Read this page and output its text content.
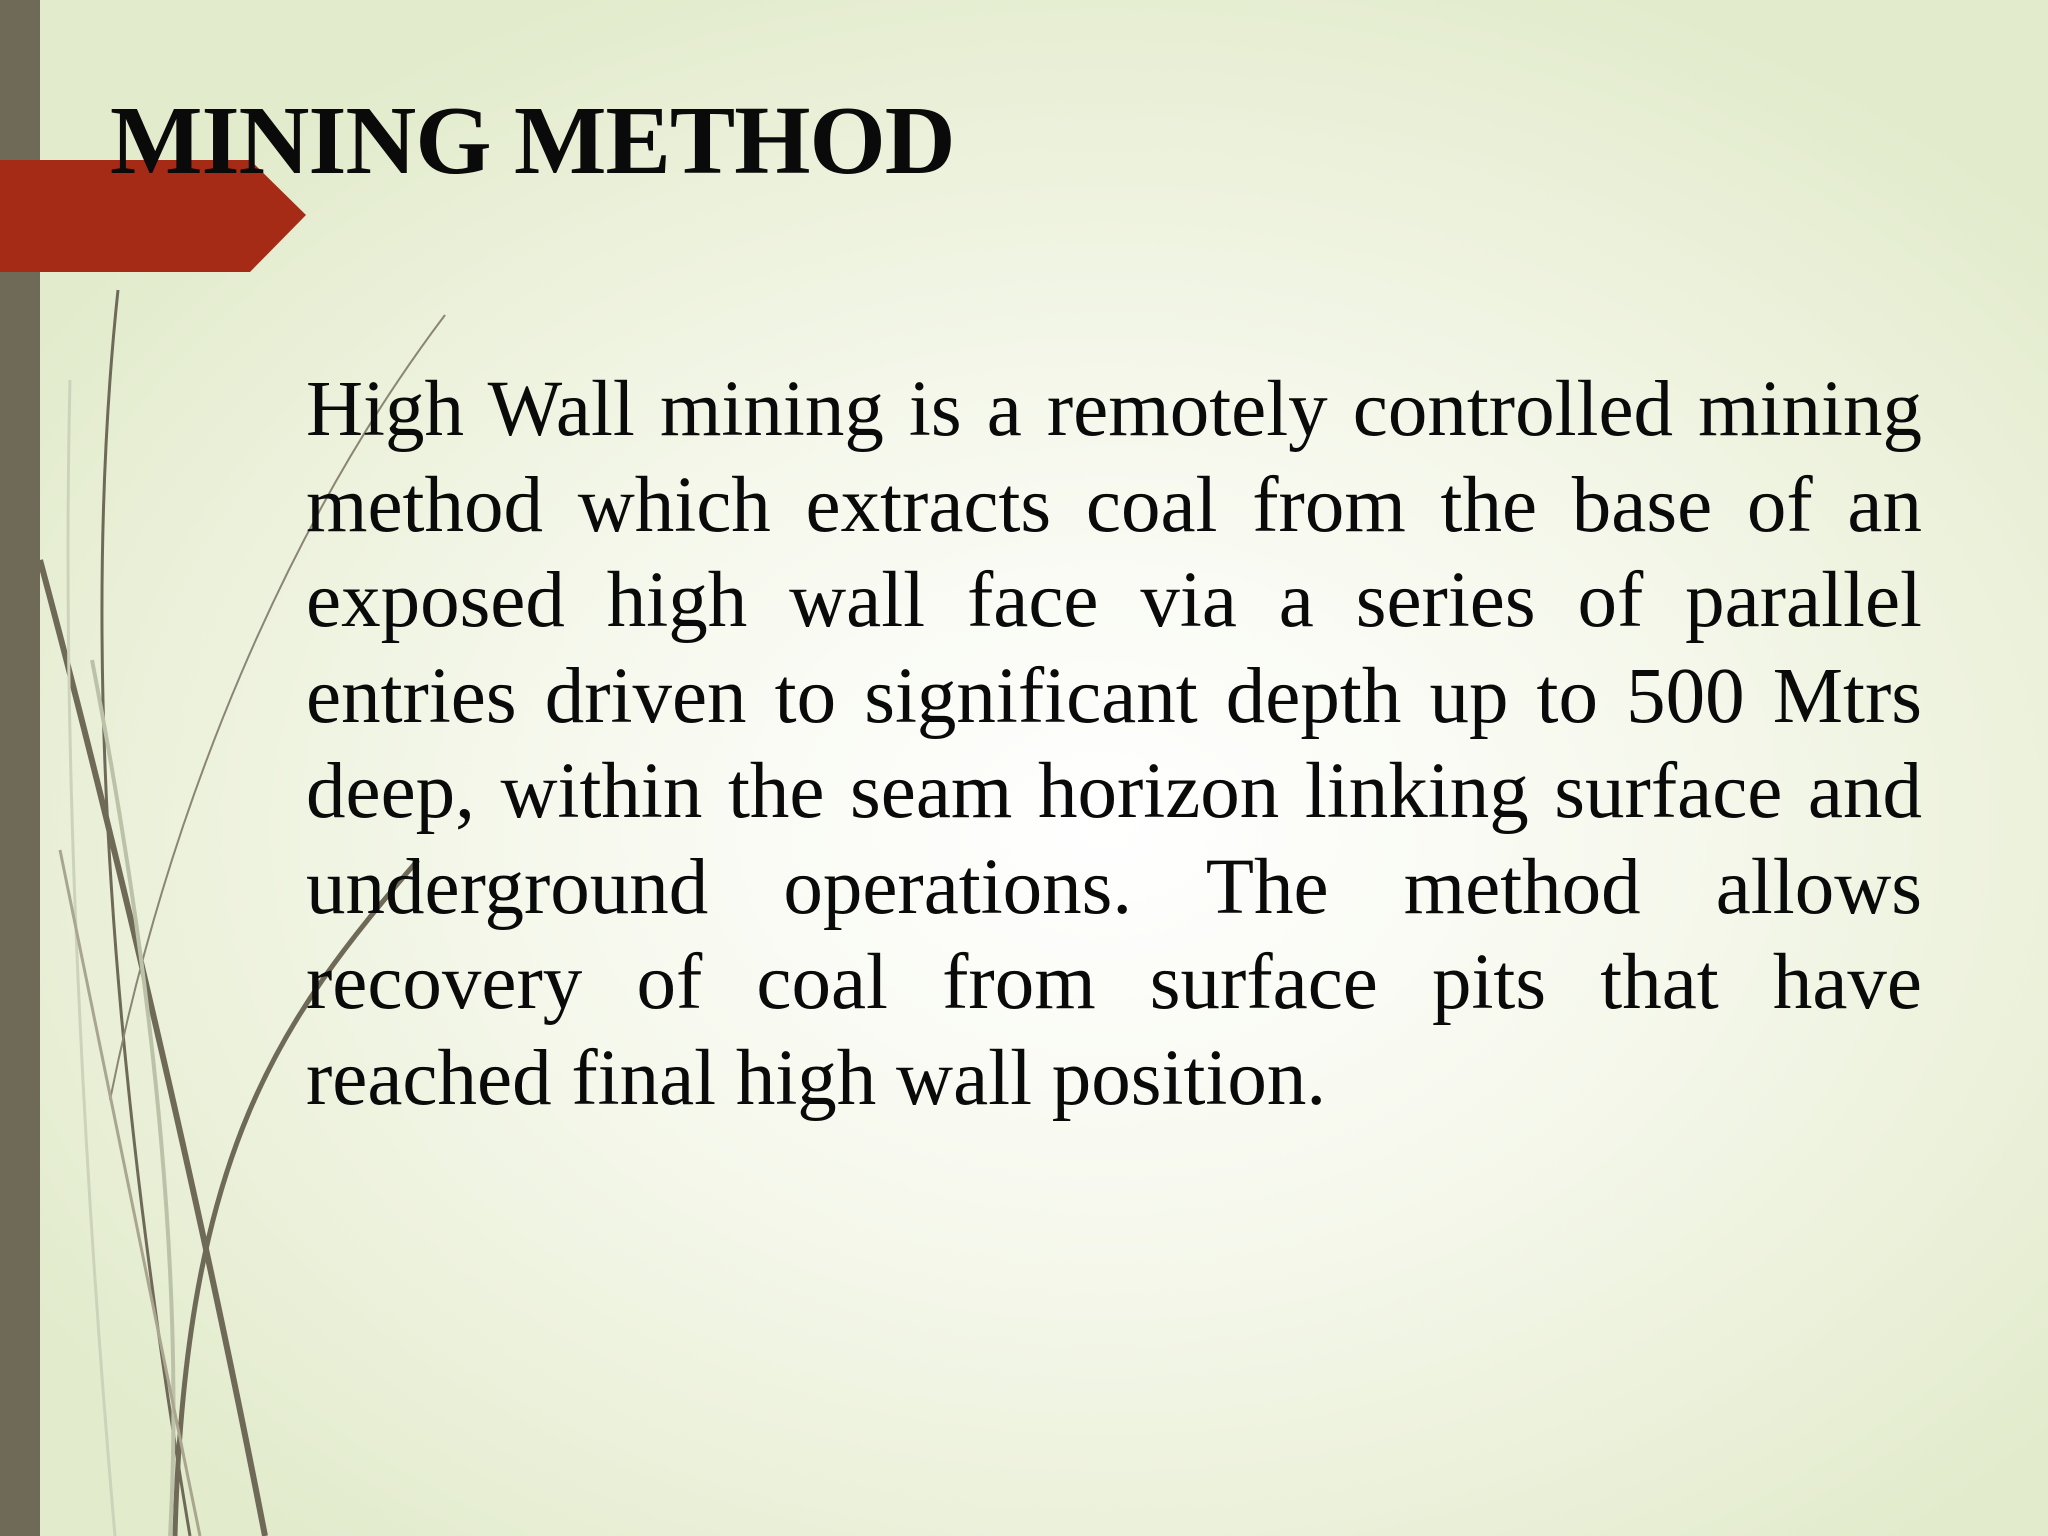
MINING METHOD

High Wall mining is a remotely controlled mining method which extracts coal from the base of an exposed high wall face via a series of parallel entries driven to significant depth up to 500 Mtrs deep, within the seam horizon linking surface and underground operations. The method allows recovery of coal from surface pits that have reached final high wall position.
